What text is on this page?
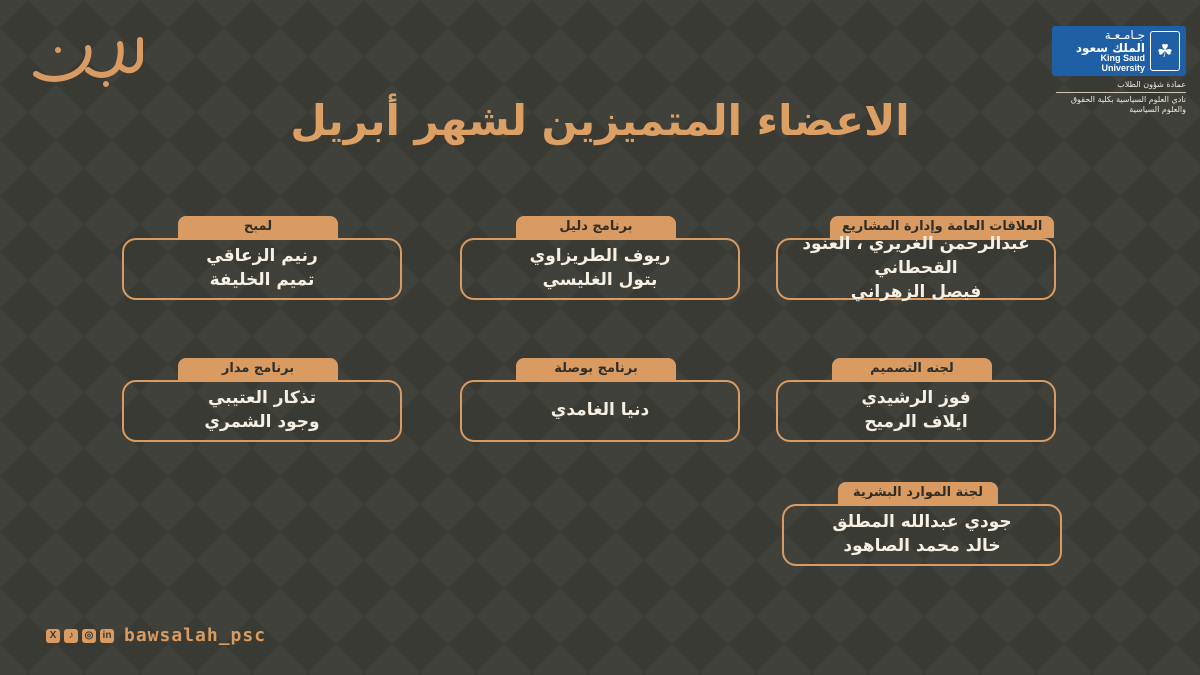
جـامـعـة
الملك سعود
King Saud University
☘
عمادة شؤون الطلاب
نادي العلوم السياسية بكلية الحقوق
والعلوم السياسية
الاعضاء المتميزين لشهر أبريل
العلاقات العامة وإدارة المشاريع
عبدالرحمن الغريري ، العنود القحطاني
فيصل الزهراني
برنامج دليل
ريوف الطريزاوي
بتول الغليسي
لمبح
رنيم الزعاقي
تميم الخليفة
لجنه التصميم
فوز الرشيدي
ايلاف الرميح
برنامج بوصلة
دنيا الغامدي
برنامج مدار
تذكار العتيبي
وجود الشمري
لجنة الموارد البشرية
جودي عبدالله المطلق
خالد محمد الصاهود
X	♪	◎ in bawsalah_psc
